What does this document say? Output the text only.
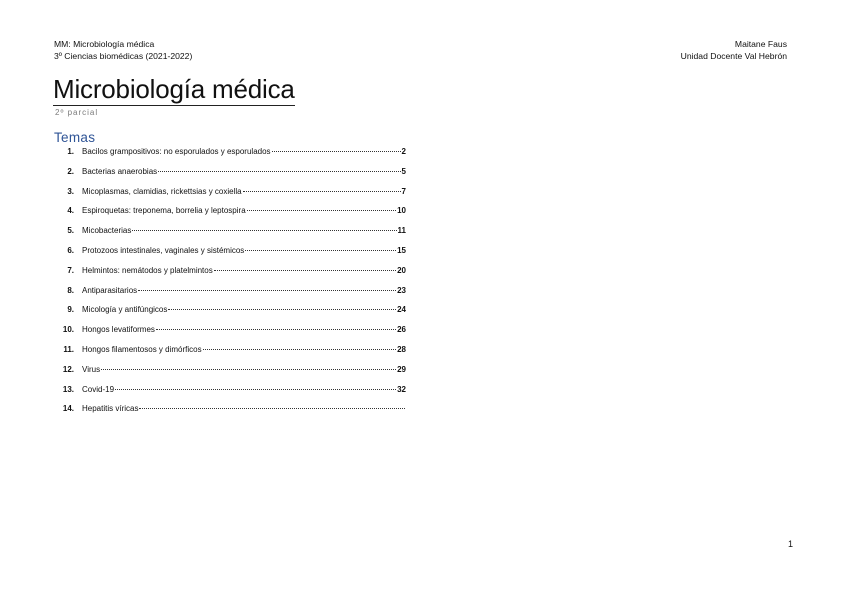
MM: Microbiología médica
3º Ciencias biomédicas (2021-2022)
Maitane Faus
Unidad Docente Val Hebrón
Microbiología médica
2º parcial
Temas
1.	Bacilos grampositivos: no esporulados y esporulados	2
2.	Bacterias anaerobias	5
3.	Micoplasmas, clamidias, rickettsias y coxiella	7
4.	Espiroquetas: treponema, borrelia y leptospira	10
5.	Micobacterias	11
6.	Protozoos intestinales, vaginales y sistémicos	15
7.	Helmintos: nemátodos y platelmintos	20
8.	Antiparasitarios	23
9.	Micología y antifúngicos	24
10.	Hongos levatiformes	26
11.	Hongos filamentosos y dimórficos	28
12.	Virus	29
13.	Covid-19	32
14.	Hepatitis víricas
1
